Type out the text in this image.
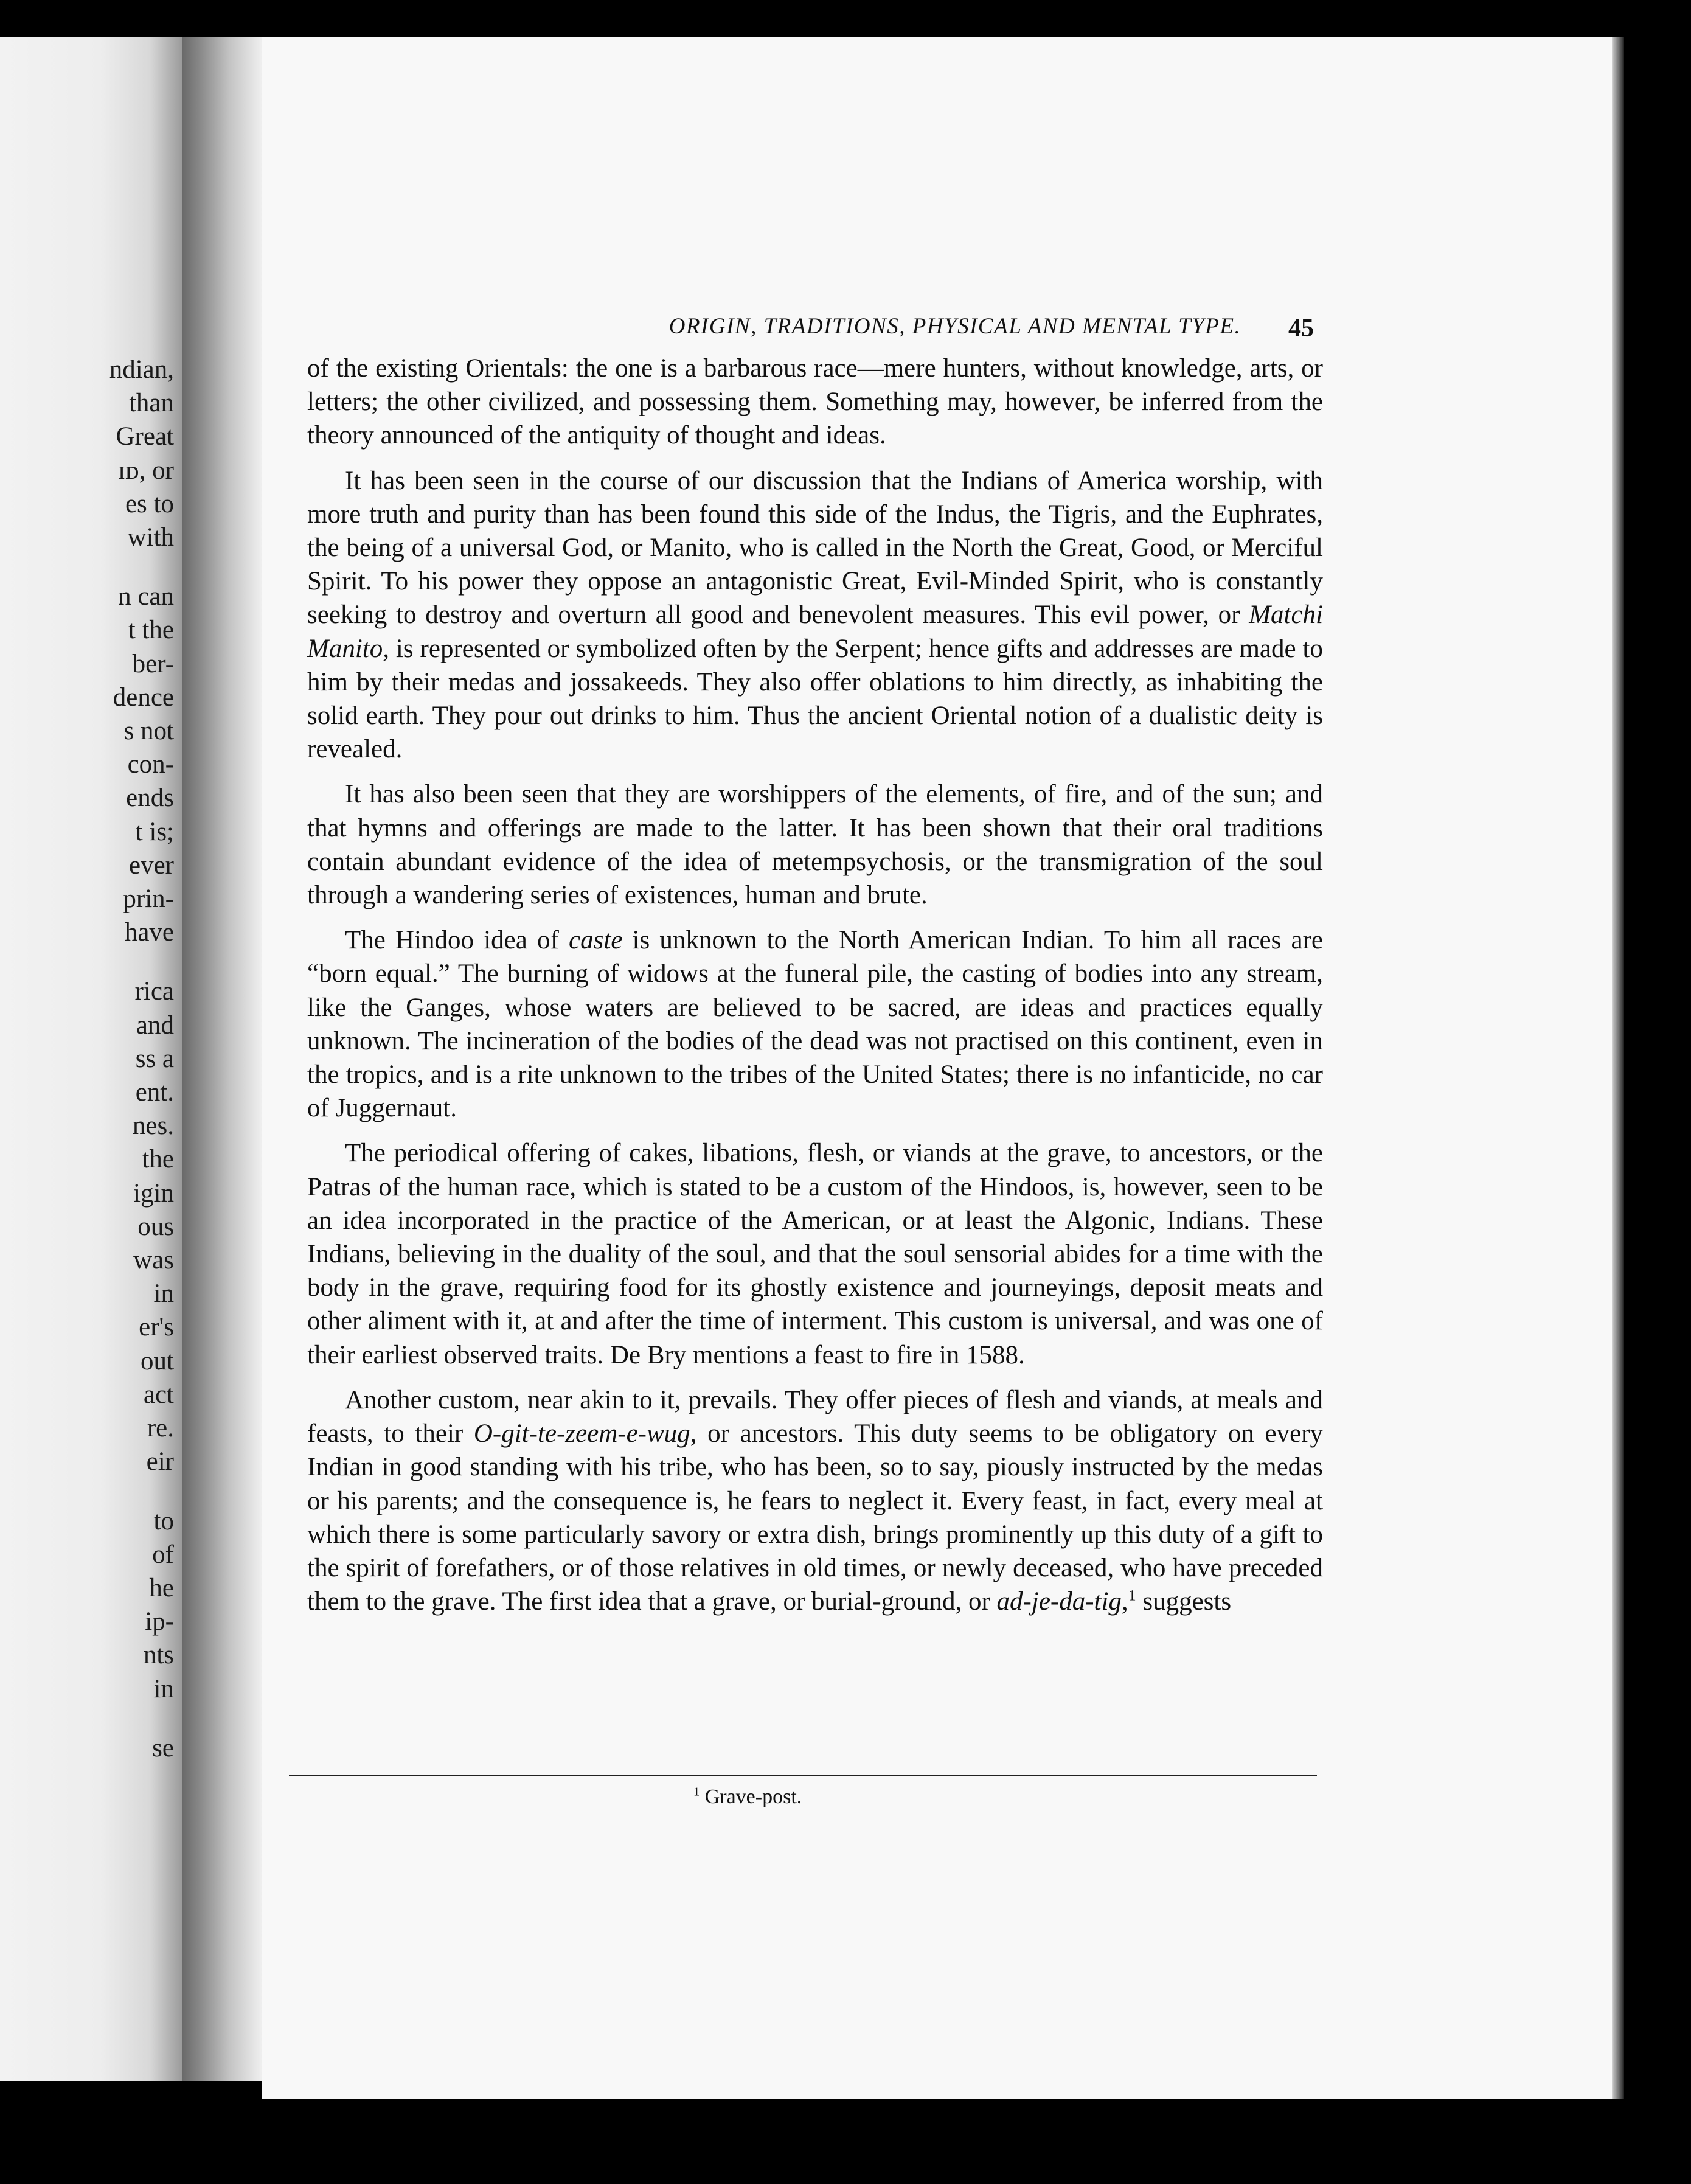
ndian,
than
Great
ɪᴅ, or
es to
with
n can
t the
ber-
dence
s not
con-
ends
t is;
ever
prin-
have
rica
and
ss a
ent.
nes.
the
igin
ous
was
in
er's
out
act
re.
eir
to
of
he
ip-
nts
in
se
ORIGIN, TRADITIONS, PHYSICAL AND MENTAL TYPE.	45

of the existing Orientals: the one is a barbarous race—mere hunters, without knowledge, arts, or letters; the other civilized, and possessing them. Something may, however, be inferred from the theory announced of the antiquity of thought and ideas.

It has been seen in the course of our discussion that the Indians of America worship, with more truth and purity than has been found this side of the Indus, the Tigris, and the Euphrates, the being of a universal God, or Manito, who is called in the North the Great, Good, or Merciful Spirit. To his power they oppose an antagonistic Great, Evil-Minded Spirit, who is constantly seeking to destroy and overturn all good and benevolent measures. This evil power, or Matchi Manito, is represented or symbolized often by the Serpent; hence gifts and addresses are made to him by their medas and jossakeeds. They also offer oblations to him directly, as inhabiting the solid earth. They pour out drinks to him. Thus the ancient Oriental notion of a dualistic deity is revealed.

It has also been seen that they are worshippers of the elements, of fire, and of the sun; and that hymns and offerings are made to the latter. It has been shown that their oral traditions contain abundant evidence of the idea of metempsychosis, or the transmigration of the soul through a wandering series of existences, human and brute.

The Hindoo idea of caste is unknown to the North American Indian. To him all races are “born equal.” The burning of widows at the funeral pile, the casting of bodies into any stream, like the Ganges, whose waters are believed to be sacred, are ideas and practices equally unknown. The incineration of the bodies of the dead was not practised on this continent, even in the tropics, and is a rite unknown to the tribes of the United States; there is no infanticide, no car of Juggernaut.

The periodical offering of cakes, libations, flesh, or viands at the grave, to ancestors, or the Patras of the human race, which is stated to be a custom of the Hindoos, is, however, seen to be an idea incorporated in the practice of the American, or at least the Algonic, Indians. These Indians, believing in the duality of the soul, and that the soul sensorial abides for a time with the body in the grave, requiring food for its ghostly existence and journeyings, deposit meats and other aliment with it, at and after the time of interment. This custom is universal, and was one of their earliest observed traits. De Bry mentions a feast to fire in 1588.

Another custom, near akin to it, prevails. They offer pieces of flesh and viands, at meals and feasts, to their O-git-te-zeem-e-wug, or ancestors. This duty seems to be obligatory on every Indian in good standing with his tribe, who has been, so to say, piously instructed by the medas or his parents; and the consequence is, he fears to neglect it. Every feast, in fact, every meal at which there is some particularly savory or extra dish, brings prominently up this duty of a gift to the spirit of forefathers, or of those relatives in old times, or newly deceased, who have preceded them to the grave. The first idea that a grave, or burial-ground, or ad-je-da-tig,$^1$ suggests

$^1$ Grave-post.
